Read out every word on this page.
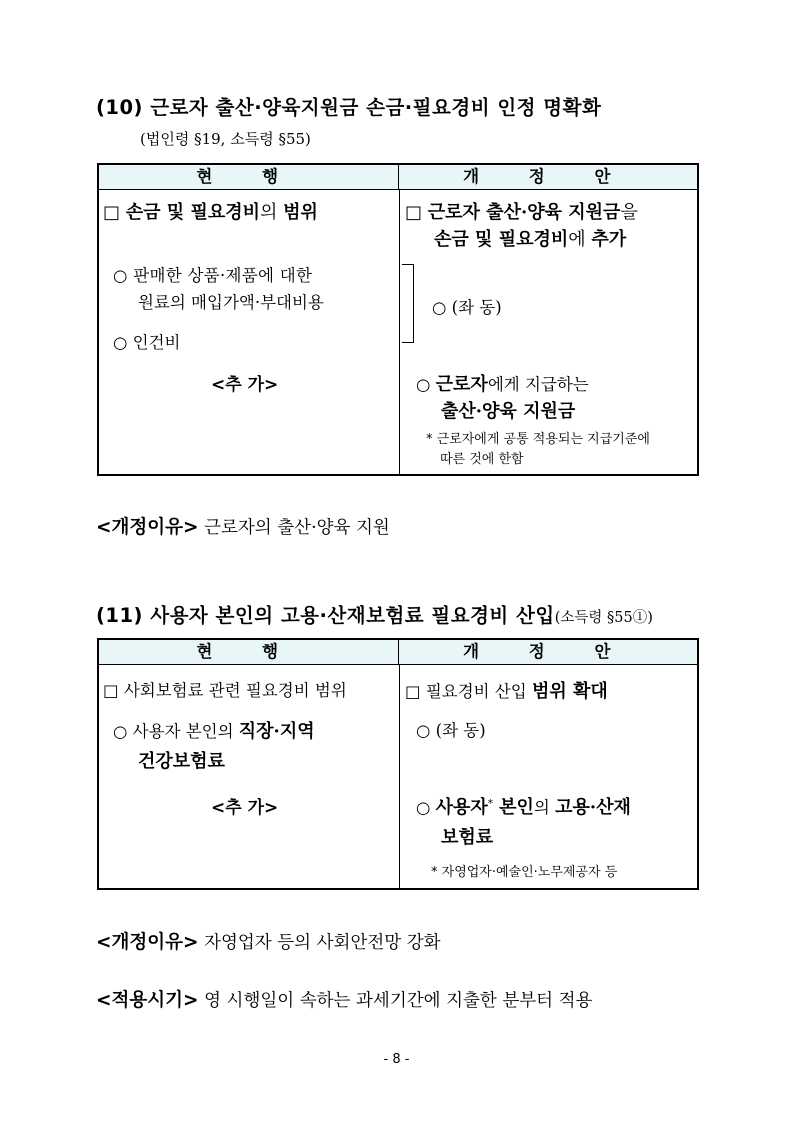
(10) 근로자 출산·양육지원금 손금·필요경비 인정 명확화
(법인령 §19, 소득령 §55)
현 행	개 정 안
□ 손금 및 필요경비의 범위
○ 판매한 상품·제품에 대한
원료의 매입가액·부대비용
○ 인건비
<추 가>
□ 근로자 출산·양육 지원금을
손금 및 필요경비에 추가
○ (좌 동)
○ 근로자에게 지급하는
출산·양육 지원금
* 근로자에게 공통 적용되는 지급기준에
따른 것에 한함
<개정이유> 근로자의 출산·양육 지원
(11) 사용자 본인의 고용·산재보험료 필요경비 산입(소득령 §55①)
현 행	개 정 안
□ 사회보험료 관련 필요경비 범위
○ 사용자 본인의 직장·지역
건강보험료
<추 가>
□ 필요경비 산입 범위 확대
○ (좌 동)
○ 사용자* 본인의 고용·산재
보험료
* 자영업자·예술인·노무제공자 등
<개정이유> 자영업자 등의 사회안전망 강화
<적용시기> 영 시행일이 속하는 과세기간에 지출한 분부터 적용
- 8 -
